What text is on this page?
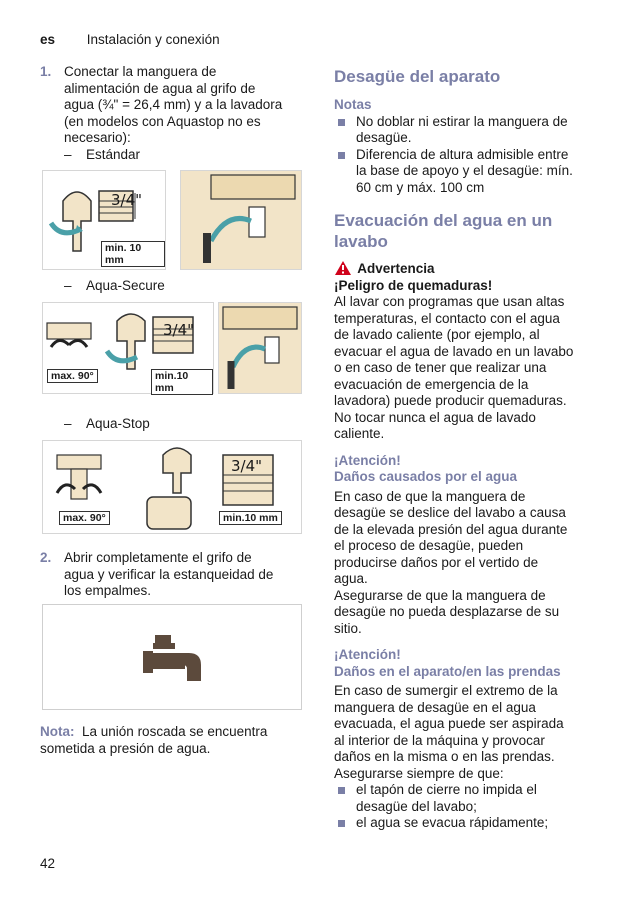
es Instalación y conexión
1. Conectar la manguera de
alimentación de agua al grifo de
agua (¾" = 26,4 mm) y a la lavadora
(en modelos con Aquastop no es
necesario):
– Estándar
– Aqua-Secure
– Aqua-Stop
2. Abrir completamente el grifo de
agua y verificar la estanqueidad de
los empalmes.
Nota: La unión roscada se encuentra
sometida a presión de agua.
3/4"
min. 10 mm
3/4"
max. 90°	min.10 mm
3/4"
max. 90°	min.10 mm
Desagüe del aparato
Notas
No doblar ni estirar la manguera de
desagüe.
Diferencia de altura admisible entre
la base de apoyo y el desagüe: mín.
60 cm y máx. 100 cm
Evacuación del agua en un
lavabo
Advertencia
¡Peligro de quemaduras!
Al lavar con programas que usan altas
temperaturas, el contacto con el agua
de lavado caliente (por ejemplo, al
evacuar el agua de lavado en un lavabo
o en caso de tener que realizar una
evacuación de emergencia de la
lavadora) puede producir quemaduras.
No tocar nunca el agua de lavado
caliente.
¡Atención!
Daños causados por el agua
En caso de que la manguera de
desagüe se deslice del lavabo a causa
de la elevada presión del agua durante
el proceso de desagüe, pueden
producirse daños por el vertido de
agua.
Asegurarse de que la manguera de
desagüe no pueda desplazarse de su
sitio.
¡Atención!
Daños en el aparato/en las prendas
En caso de sumergir el extremo de la
manguera de desagüe en el agua
evacuada, el agua puede ser aspirada
al interior de la máquina y provocar
daños en la misma o en las prendas.
Asegurarse siempre de que:
el tapón de cierre no impida el
desagüe del lavabo;
el agua se evacua rápidamente;
42
